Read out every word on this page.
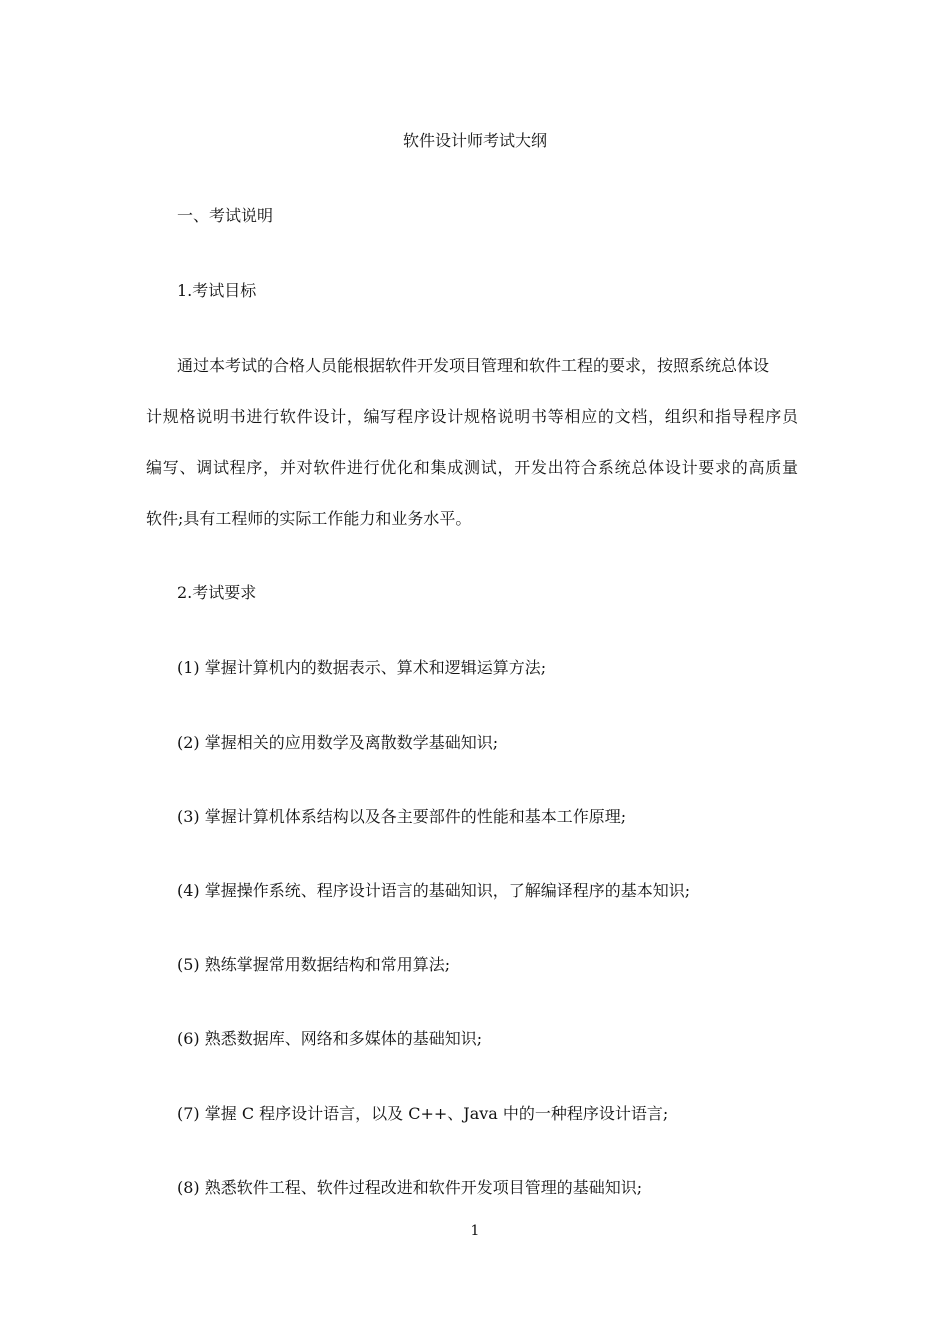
软件设计师考试大纲
一、考试说明
1.考试目标
通过本考试的合格人员能根据软件开发项目管理和软件工程的要求，按照系统总体设
计规格说明书进行软件设计，编写程序设计规格说明书等相应的文档，组织和指导程序员
编写、调试程序，并对软件进行优化和集成测试，开发出符合系统总体设计要求的高质量
软件;具有工程师的实际工作能力和业务水平。
2.考试要求
(1) 掌握计算机内的数据表示、算术和逻辑运算方法;
(2) 掌握相关的应用数学及离散数学基础知识;
(3) 掌握计算机体系结构以及各主要部件的性能和基本工作原理;
(4) 掌握操作系统、程序设计语言的基础知识，了解编译程序的基本知识;
(5) 熟练掌握常用数据结构和常用算法;
(6) 熟悉数据库、网络和多媒体的基础知识;
(7) 掌握 C 程序设计语言，以及 C++、Java 中的一种程序设计语言;
(8) 熟悉软件工程、软件过程改进和软件开发项目管理的基础知识;
1
